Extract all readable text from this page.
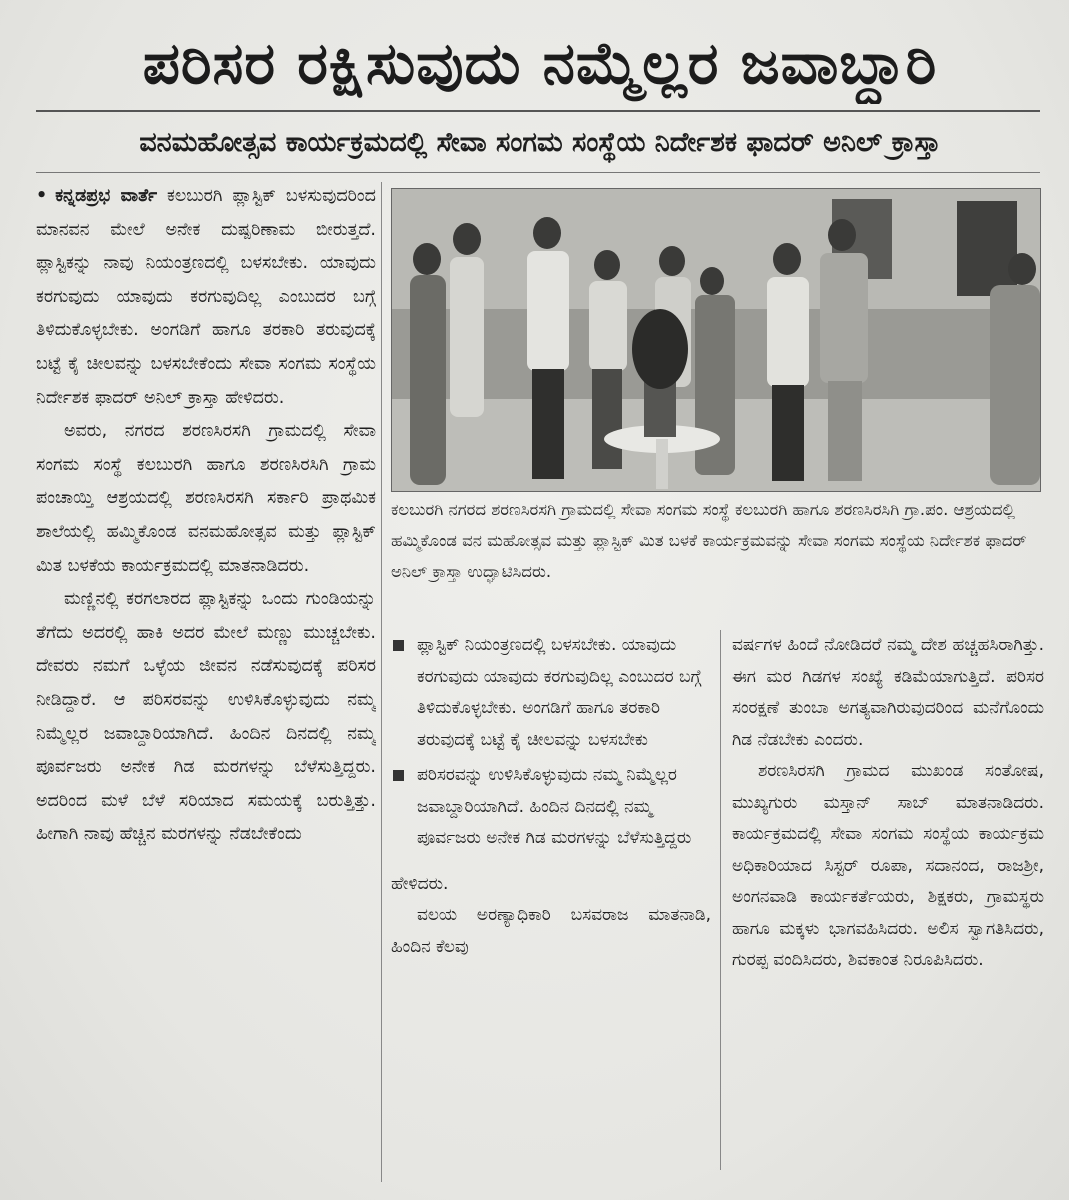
ಪರಿಸರ ರಕ್ಷಿಸುವುದು ನಮ್ಮೆಲ್ಲರ ಜವಾಬ್ದಾರಿ
ವನಮಹೋತ್ಸವ ಕಾರ್ಯಕ್ರಮದಲ್ಲಿ ಸೇವಾ ಸಂಗಮ ಸಂಸ್ಥೆಯ ನಿರ್ದೇಶಕ ಫಾದರ್ ಅನಿಲ್ ಕ್ರಾಸ್ತಾ

• ಕನ್ನಡಪ್ರಭ ವಾರ್ತೆ ಕಲಬುರಗಿ ಪ್ಲಾಸ್ಟಿಕ್ ಬಳಸುವುದರಿಂದ ಮಾನವನ ಮೇಲೆ ಅನೇಕ ದುಷ್ಪರಿಣಾಮ ಬೀರುತ್ತದೆ. ಪ್ಲಾಸ್ಟಿಕನ್ನು ನಾವು ನಿಯಂತ್ರಣದಲ್ಲಿ ಬಳಸಬೇಕು. ಯಾವುದು ಕರಗುವುದು ಯಾವುದು ಕರಗುವುದಿಲ್ಲ ಎಂಬುದರ ಬಗ್ಗೆ ತಿಳಿದುಕೊಳ್ಳಬೇಕು. ಅಂಗಡಿಗೆ ಹಾಗೂ ತರಕಾರಿ ತರುವುದಕ್ಕೆ ಬಟ್ಟೆ ಕೈ ಚೀಲವನ್ನು ಬಳಸಬೇಕೆಂದು ಸೇವಾ ಸಂಗಮ ಸಂಸ್ಥೆಯ ನಿರ್ದೇಶಕ ಫಾದರ್ ಅನಿಲ್ ಕ್ರಾಸ್ತಾ ಹೇಳಿದರು.

ಅವರು, ನಗರದ ಶರಣಸಿರಸಗಿ ಗ್ರಾಮದಲ್ಲಿ ಸೇವಾ ಸಂಗಮ ಸಂಸ್ಥೆ ಕಲಬುರಗಿ ಹಾಗೂ ಶರಣಸಿರಸಿಗಿ ಗ್ರಾಮ ಪಂಚಾಯ್ತಿ ಆಶ್ರಯದಲ್ಲಿ ಶರಣಸಿರಸಗಿ ಸರ್ಕಾರಿ ಪ್ರಾಥಮಿಕ ಶಾಲೆಯಲ್ಲಿ ಹಮ್ಮಿಕೊಂಡ ವನಮಹೋತ್ಸವ ಮತ್ತು ಪ್ಲಾಸ್ಟಿಕ್ ಮಿತ ಬಳಕೆಯ ಕಾರ್ಯಕ್ರಮದಲ್ಲಿ ಮಾತನಾಡಿದರು.

ಮಣ್ಣಿನಲ್ಲಿ ಕರಗಲಾರದ ಪ್ಲಾಸ್ಟಿಕನ್ನು ಒಂದು ಗುಂಡಿಯನ್ನು ತೆಗೆದು ಅದರಲ್ಲಿ ಹಾಕಿ ಅದರ ಮೇಲೆ ಮಣ್ಣು ಮುಚ್ಚಬೇಕು. ದೇವರು ನಮಗೆ ಒಳ್ಳೆಯ ಜೀವನ ನಡೆಸುವುದಕ್ಕೆ ಪರಿಸರ ನೀಡಿದ್ದಾರೆ. ಆ ಪರಿಸರವನ್ನು ಉಳಿಸಿಕೊಳ್ಳುವುದು ನಮ್ಮ ನಿಮ್ಮೆಲ್ಲರ ಜವಾಬ್ದಾರಿಯಾಗಿದೆ. ಹಿಂದಿನ ದಿನದಲ್ಲಿ ನಮ್ಮ ಪೂರ್ವಜರು ಅನೇಕ ಗಿಡ ಮರಗಳನ್ನು ಬೆಳೆಸುತ್ತಿದ್ದರು. ಅದರಿಂದ ಮಳೆ ಬೆಳೆ ಸರಿಯಾದ ಸಮಯಕ್ಕೆ ಬರುತ್ತಿತ್ತು. ಹೀಗಾಗಿ ನಾವು ಹೆಚ್ಚಿನ ಮರಗಳನ್ನು ನೆಡಬೇಕೆಂದು

ಕಲಬುರಗಿ ನಗರದ ಶರಣಸಿರಸಗಿ ಗ್ರಾಮದಲ್ಲಿ ಸೇವಾ ಸಂಗಮ ಸಂಸ್ಥೆ ಕಲಬುರಗಿ ಹಾಗೂ ಶರಣಸಿರಸಿಗಿ ಗ್ರಾ.ಪಂ. ಆಶ್ರಯದಲ್ಲಿ ಹಮ್ಮಿಕೊಂಡ ವನ ಮಹೋತ್ಸವ ಮತ್ತು ಪ್ಲಾಸ್ಟಿಕ್ ಮಿತ ಬಳಕೆ ಕಾರ್ಯಕ್ರಮವನ್ನು ಸೇವಾ ಸಂಗಮ ಸಂಸ್ಥೆಯ ನಿರ್ದೇಶಕ ಫಾದರ್ ಅನಿಲ್ ಕ್ರಾಸ್ತಾ ಉದ್ಘಾಟಿಸಿದರು.

ಪ್ಲಾಸ್ಟಿಕ್ ನಿಯಂತ್ರಣದಲ್ಲಿ ಬಳಸಬೇಕು. ಯಾವುದು ಕರಗುವುದು ಯಾವುದು ಕರಗುವುದಿಲ್ಲ ಎಂಬುದರ ಬಗ್ಗೆ ತಿಳಿದುಕೊಳ್ಳಬೇಕು. ಅಂಗಡಿಗೆ ಹಾಗೂ ತರಕಾರಿ ತರುವುದಕ್ಕೆ ಬಟ್ಟೆ ಕೈ ಚೀಲವನ್ನು ಬಳಸಬೇಕು

ಪರಿಸರವನ್ನು ಉಳಿಸಿಕೊಳ್ಳುವುದು ನಮ್ಮ ನಿಮ್ಮೆಲ್ಲರ ಜವಾಬ್ದಾರಿಯಾಗಿದೆ. ಹಿಂದಿನ ದಿನದಲ್ಲಿ ನಮ್ಮ ಪೂರ್ವಜರು ಅನೇಕ ಗಿಡ ಮರಗಳನ್ನು ಬೆಳೆಸುತ್ತಿದ್ದರು

ಹೇಳಿದರು.

ವಲಯ ಅರಣ್ಯಾಧಿಕಾರಿ ಬಸವರಾಜ ಮಾತನಾಡಿ, ಹಿಂದಿನ ಕೆಲವು

ವರ್ಷಗಳ ಹಿಂದೆ ನೋಡಿದರೆ ನಮ್ಮ ದೇಶ ಹಚ್ಚಹಸಿರಾಗಿತ್ತು. ಈಗ ಮರ ಗಿಡಗಳ ಸಂಖ್ಯೆ ಕಡಿಮೆಯಾಗುತ್ತಿದೆ. ಪರಿಸರ ಸಂರಕ್ಷಣೆ ತುಂಬಾ ಅಗತ್ಯವಾಗಿರುವುದರಿಂದ ಮನೆಗೊಂದು ಗಿಡ ನೆಡಬೇಕು ಎಂದರು.

ಶರಣಸಿರಸಗಿ ಗ್ರಾಮದ ಮುಖಂಡ ಸಂತೋಷ, ಮುಖ್ಯಗುರು ಮಸ್ತಾನ್ ಸಾಬ್ ಮಾತನಾಡಿದರು. ಕಾರ್ಯಕ್ರಮದಲ್ಲಿ ಸೇವಾ ಸಂಗಮ ಸಂಸ್ಥೆಯ ಕಾರ್ಯಕ್ರಮ ಅಧಿಕಾರಿಯಾದ ಸಿಸ್ಟರ್ ರೂಪಾ, ಸದಾನಂದ, ರಾಜಶ್ರೀ, ಅಂಗನವಾಡಿ ಕಾರ್ಯಕರ್ತೆಯರು, ಶಿಕ್ಷಕರು, ಗ್ರಾಮಸ್ಥರು ಹಾಗೂ ಮಕ್ಕಳು ಭಾಗವಹಿಸಿದರು. ಅಲಿಸ ಸ್ವಾಗತಿಸಿದರು, ಗುರಪ್ಪ ವಂದಿಸಿದರು, ಶಿವಕಾಂತ ನಿರೂಪಿಸಿದರು.
